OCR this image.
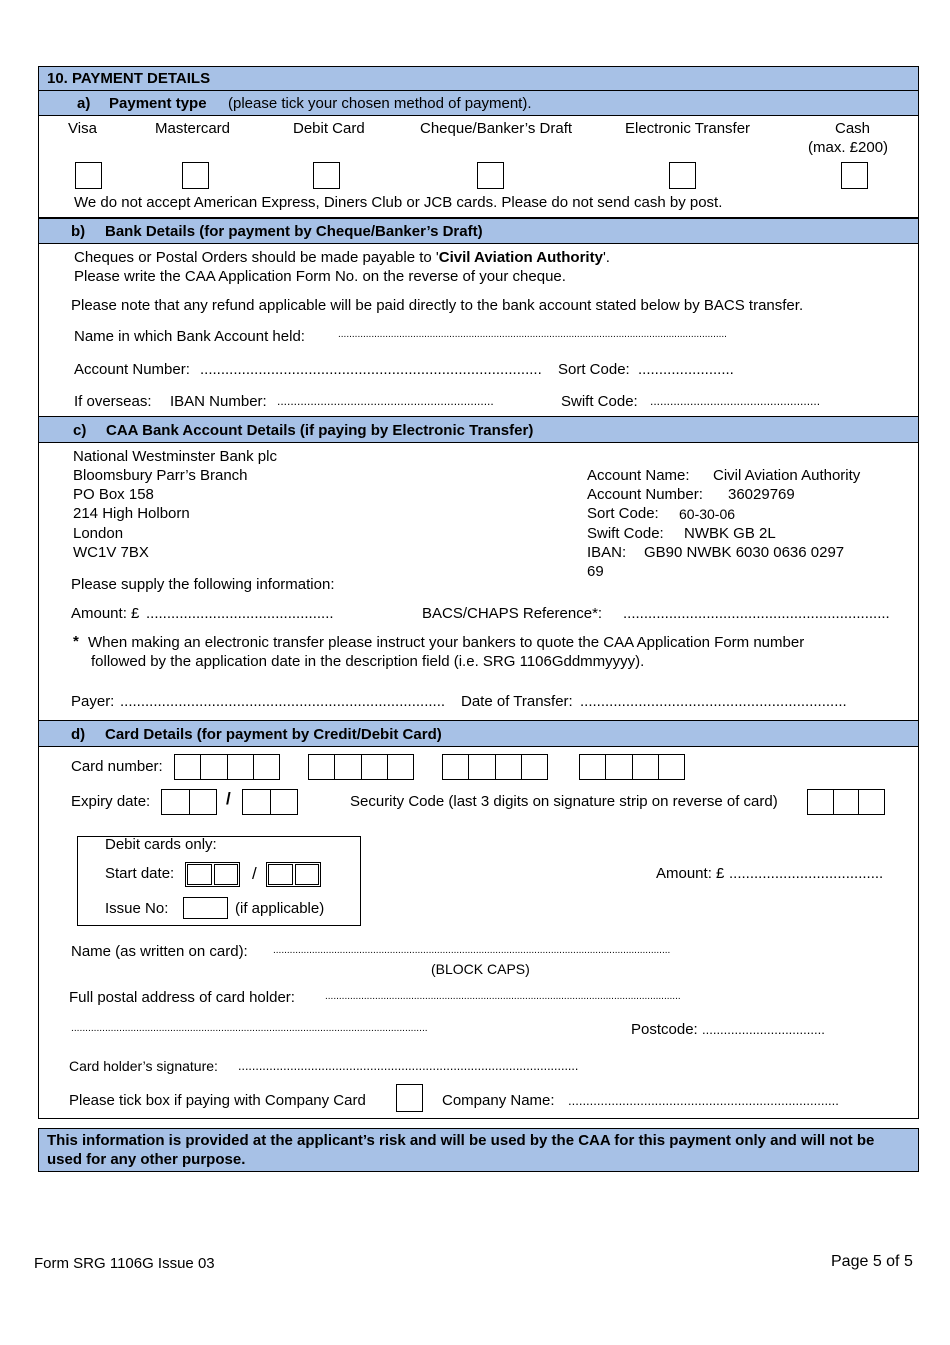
10. PAYMENT DETAILS
a) Payment type (please tick your chosen method of payment).
Visa	Mastercard	Debit Card	Cheque/Banker’s Draft	Electronic Transfer	Cash
(max. £200)
We do not accept American Express, Diners Club or JCB cards. Please do not send cash by post.
b) Bank Details (for payment by Cheque/Banker’s Draft)
Cheques or Postal Orders should be made payable to 'Civil Aviation Authority'.
Please write the CAA Application Form No. on the reverse of your cheque.
Please note that any refund applicable will be paid directly to the bank account stated below by BACS transfer.
Name in which Bank Account held:	............................................................................................................................................
Account Number: .................................................................................. Sort Code: .......................
If overseas: IBAN Number: .................................................................	Swift Code: ...................................................
c) CAA Bank Account Details (if paying by Electronic Transfer)
National Westminster Bank plc
Bloomsbury Parr’s Branch
PO Box 158
214 High Holborn
London
WC1V 7BX
Account Name: Civil Aviation Authority
Account Number: 36029769
Sort Code: 60-30-06
Swift Code: NWBK GB 2L
IBAN: GB90 NWBK 6030 0636 0297
69
Please supply the following information:
Amount: £ .............................................	BACS/CHAPS Reference*: ................................................................
* When making an electronic transfer please instruct your bankers to quote the CAA Application Form number
followed by the application date in the description field (i.e. SRG 1106Gddmmyyyy).
Payer: .............................................................................. Date of Transfer: ................................................................
d) Card Details (for payment by Credit/Debit Card)
Card number:
Expiry date:	/	Security Code (last 3 digits on signature strip on reverse of card)
Debit cards only:
Start date:	/
Issue No:	(if applicable)
Amount: £ .....................................
Name (as written on card):	...............................................................................................................................................
(BLOCK CAPS)
Full postal address of card holder:	................................................................................................................................
..............................................................................................................................	Postcode: ..................................
Card holder’s signature: ..................................................................................................
Please tick box if paying with Company Card	Company Name: ...........................................................................
This information is provided at the applicant’s risk and will be used by the CAA for this payment only and will not be used for any other purpose.
Form SRG 1106G Issue 03	Page 5 of 5
